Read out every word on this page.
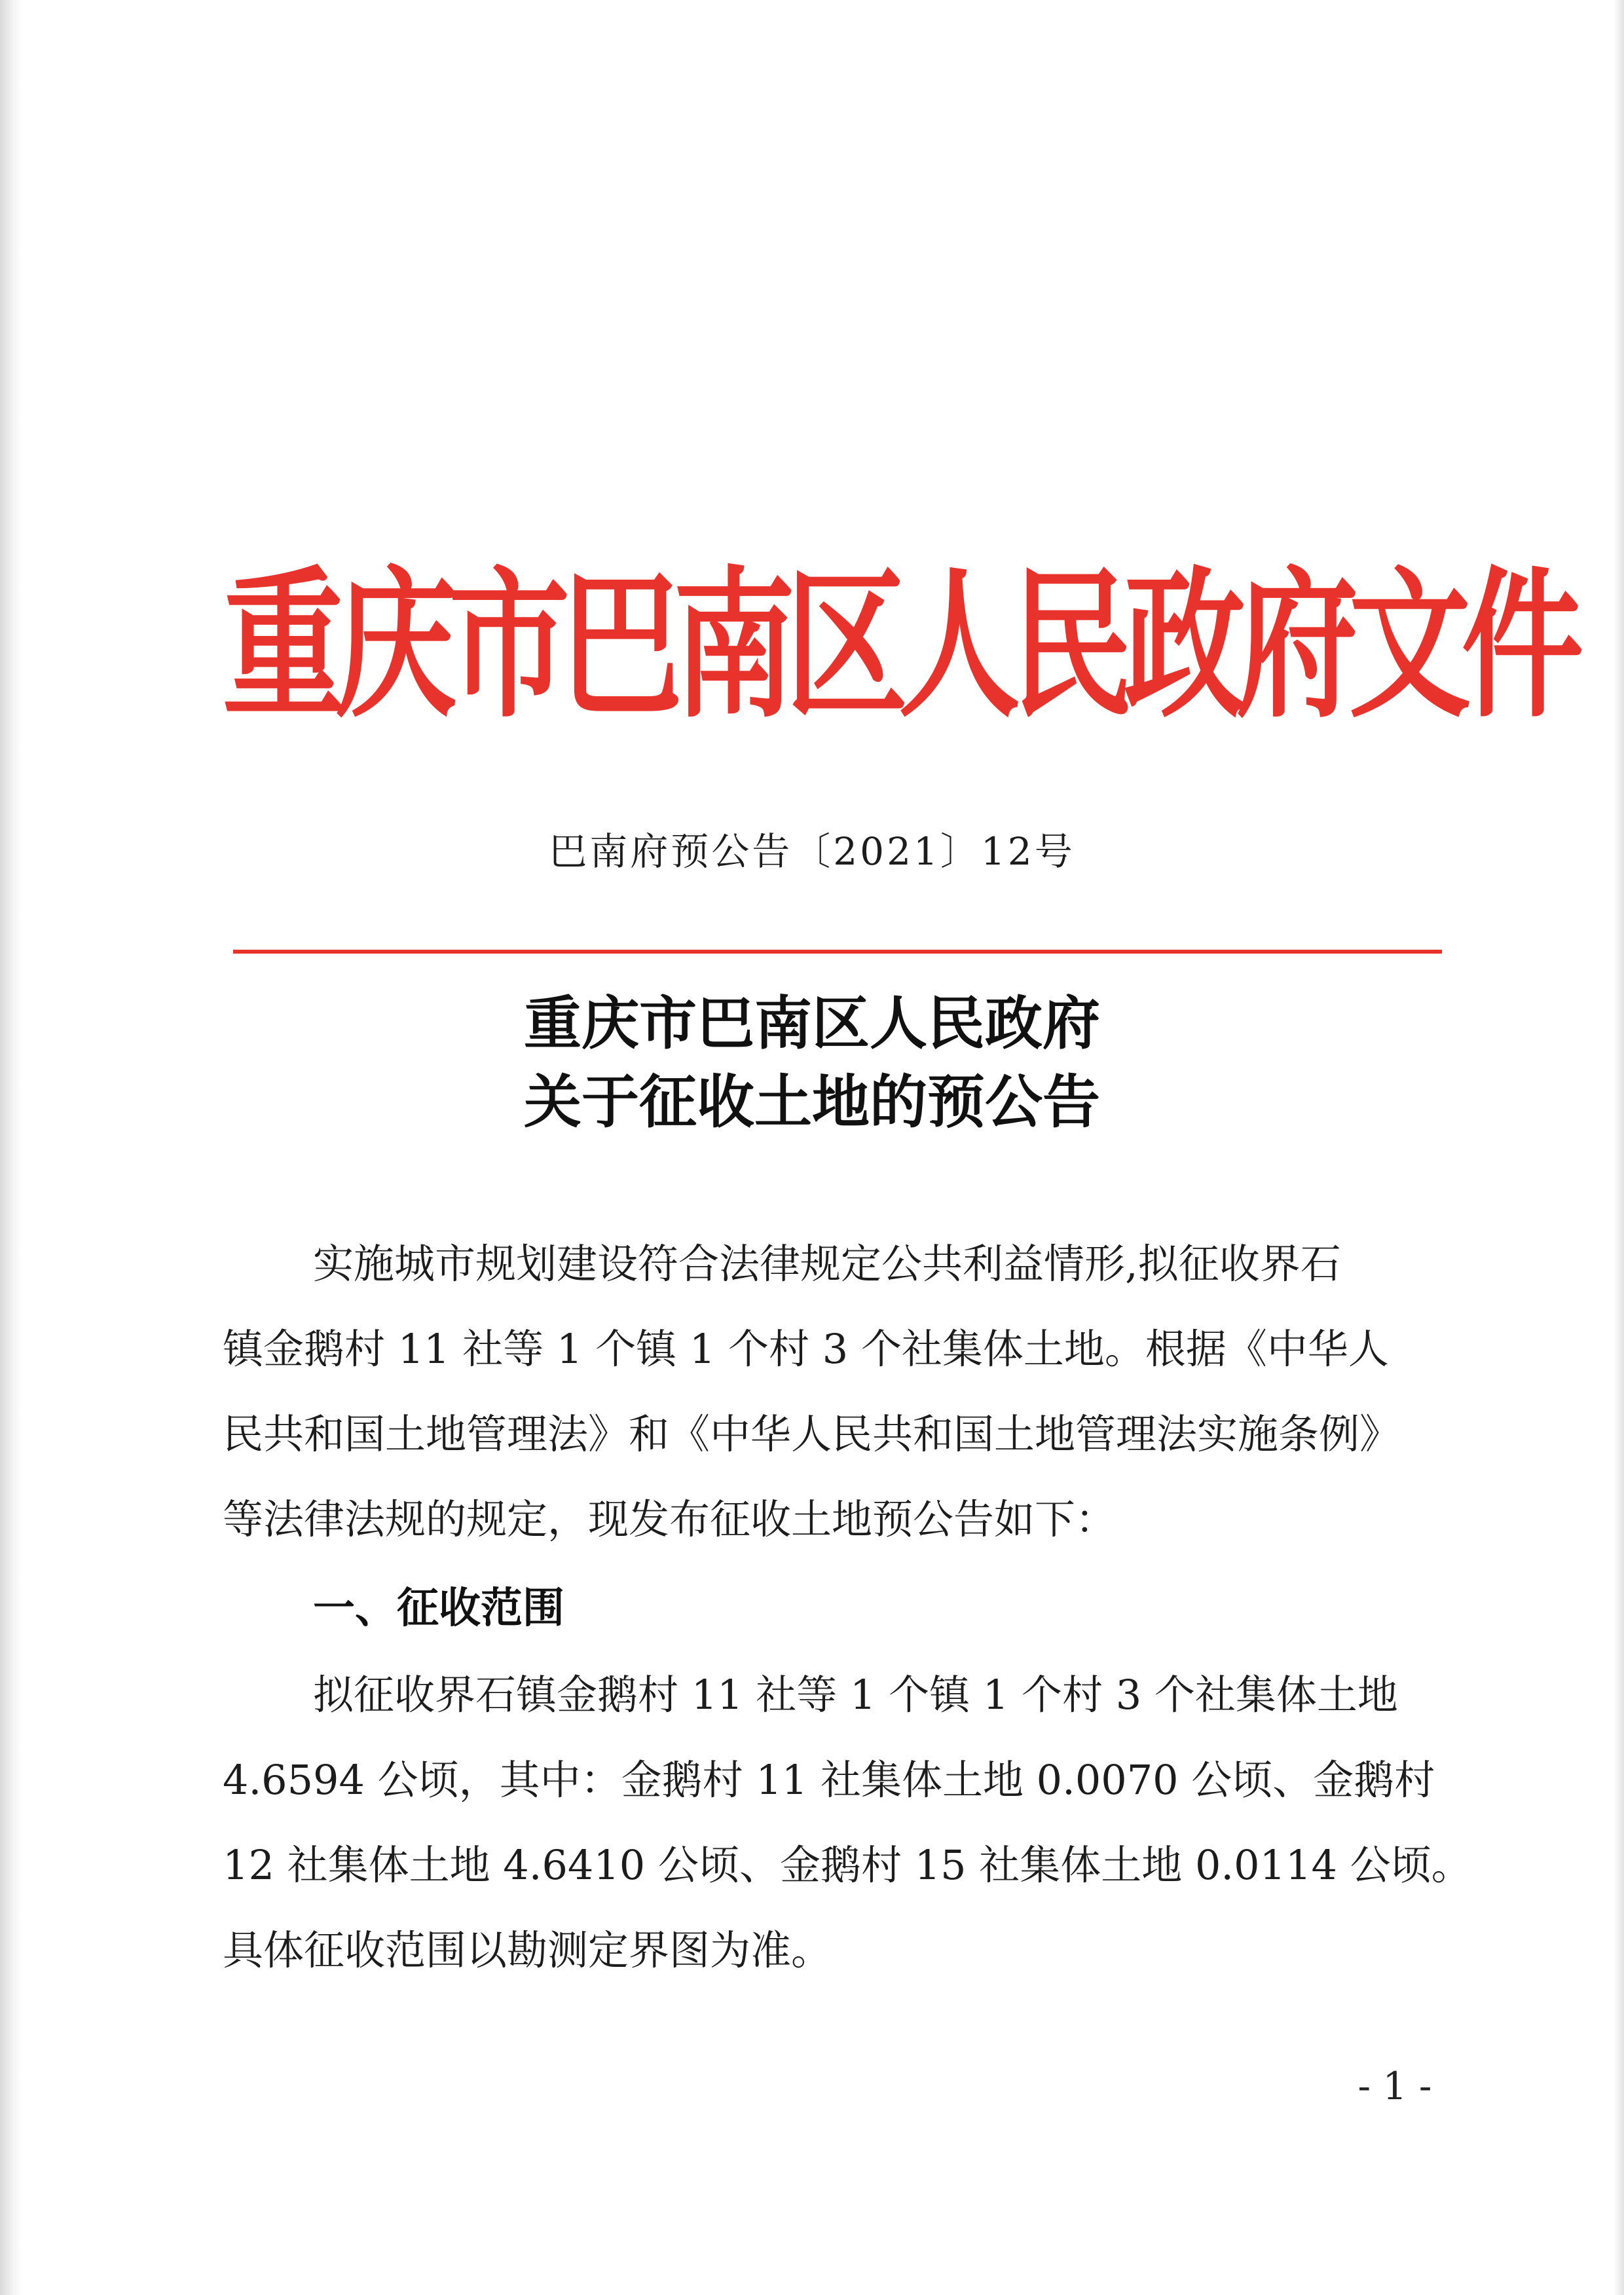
重庆市巴南区人民政府文件
巴南府预公告〔2021〕12号
重庆市巴南区人民政府
关于征收土地的预公告

实施城市规划建设符合法律规定公共利益情形,拟征收界石

镇金鹅村 11 社等 1 个镇 1 个村 3 个社集体土地。根据《中华人

民共和国土地管理法》和《中华人民共和国土地管理法实施条例》

等法律法规的规定，现发布征收土地预公告如下：

一、征收范围

拟征收界石镇金鹅村 11 社等 1 个镇 1 个村 3 个社集体土地

4.6594 公顷，其中：金鹅村 11 社集体土地 0.0070 公顷、金鹅村

12 社集体土地 4.6410 公顷、金鹅村 15 社集体土地 0.0114 公顷。

具体征收范围以勘测定界图为准。

- 1 -
